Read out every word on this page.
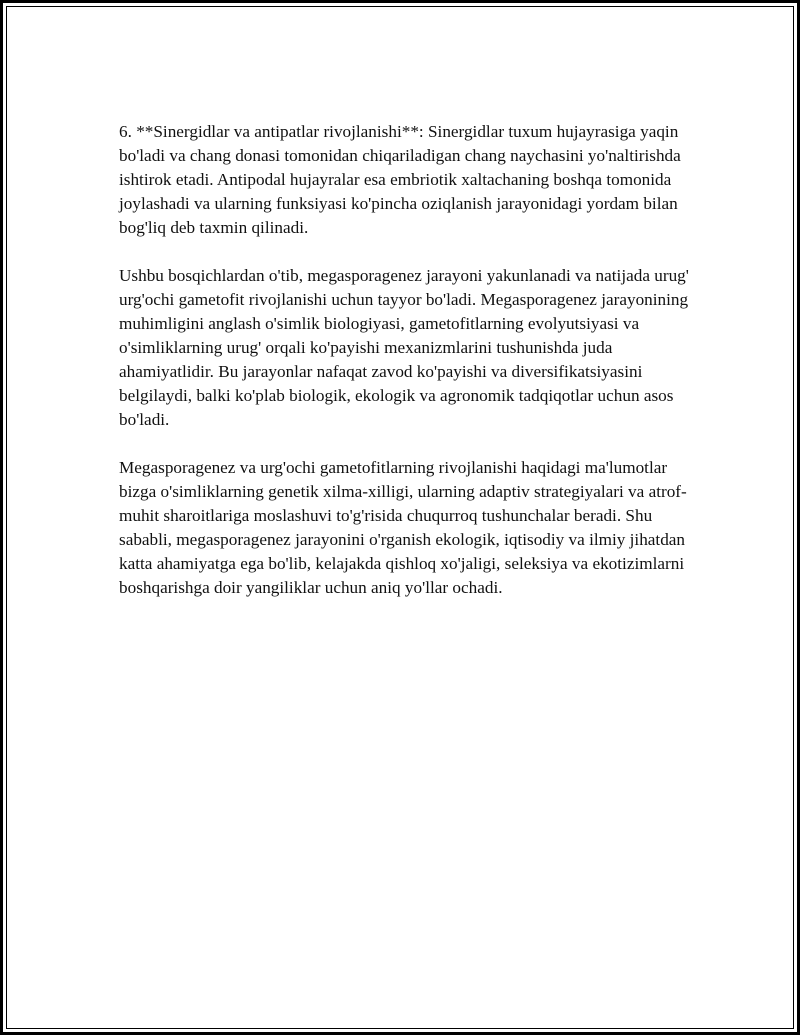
6. **Sinergidlar va antipatlar rivojlanishi**: Sinergidlar tuxum hujayrasiga yaqin bo'ladi va chang donasi tomonidan chiqariladigan chang naychasini yo'naltirishda ishtirok etadi. Antipodal hujayralar esa embriotik xaltachaning boshqa tomonida joylashadi va ularning funksiyasi ko'pincha oziqlanish jarayonidagi yordam bilan bog'liq deb taxmin qilinadi.

Ushbu bosqichlardan o'tib, megasporagenez jarayoni yakunlanadi va natijada urug' urg'ochi gametofit rivojlanishi uchun tayyor bo'ladi. Megasporagenez jarayonining muhimligini anglash o'simlik biologiyasi, gametofitlarning evolyutsiyasi va o'simliklarning urug' orqali ko'payishi mexanizmlarini tushunishda juda ahamiyatlidir. Bu jarayonlar nafaqat zavod ko'payishi va diversifikatsiyasini belgilaydi, balki ko'plab biologik, ekologik va agronomik tadqiqotlar uchun asos bo'ladi.

Megasporagenez va urg'ochi gametofitlarning rivojlanishi haqidagi ma'lumotlar bizga o'simliklarning genetik xilma-xilligi, ularning adaptiv strategiyalari va atrof-muhit sharoitlariga moslashuvi to'g'risida chuqurroq tushunchalar beradi. Shu sababli, megasporagenez jarayonini o'rganish ekologik, iqtisodiy va ilmiy jihatdan katta ahamiyatga ega bo'lib, kelajakda qishloq xo'jaligi, seleksiya va ekotizimlarni boshqarishga doir yangiliklar uchun aniq yo'llar ochadi.
